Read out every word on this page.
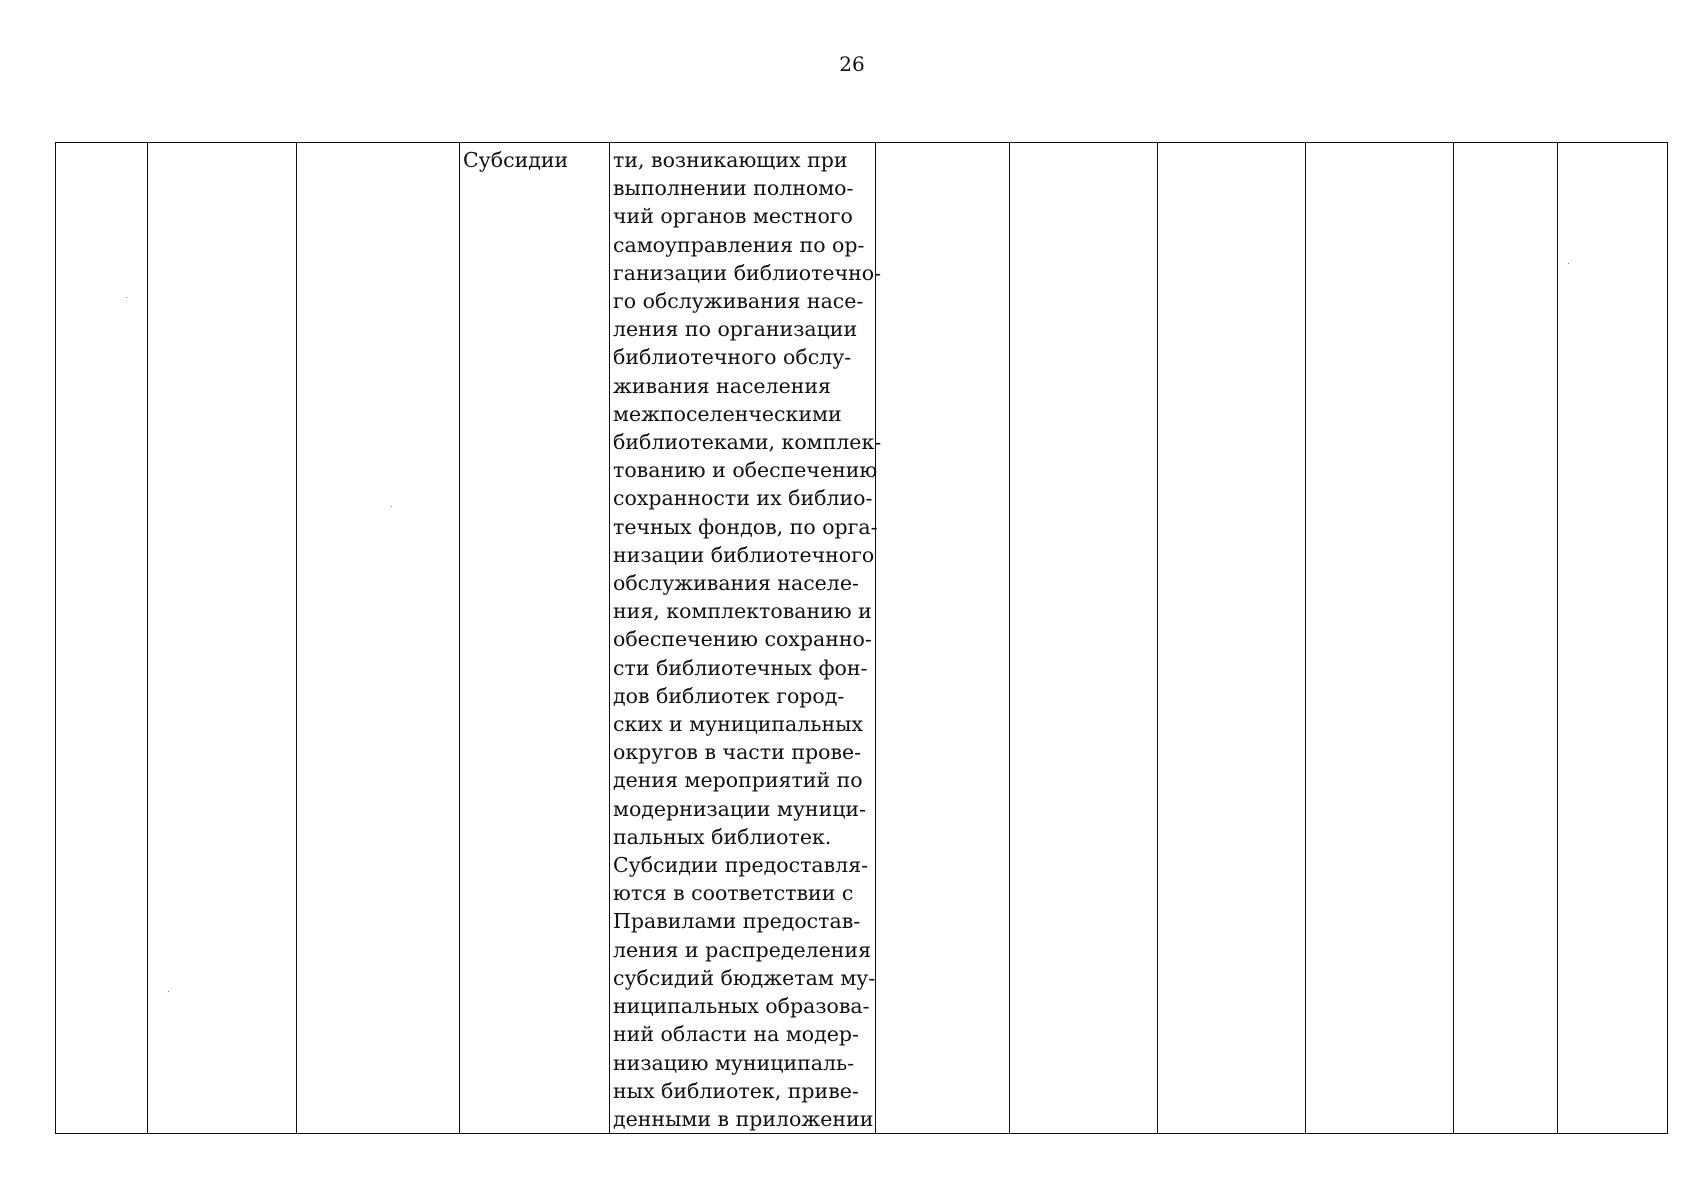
26

Субсидии	ти, возникающих при
выполнении полномо-
чий органов местного
самоуправления по ор-
ганизации библиотечно-
го обслуживания насе-
ления по организации
библиотечного обслу-
живания населения
межпоселенческими
библиотеками, комплек-
тованию и обеспечению
сохранности их библио-
течных фондов, по орга-
низации библиотечного
обслуживания населе-
ния, комплектованию и
обеспечению сохранно-
сти библиотечных фон-
дов библиотек город-
ских и муниципальных
округов в части прове-
дения мероприятий по
модернизации муници-
пальных библиотек.
Субсидии предоставля-
ются в соответствии с
Правилами предостав-
ления и распределения
субсидий бюджетам му-
ниципальных образова-
ний области на модер-
низацию муниципаль-
ных библиотек, приве-
денными в приложении
